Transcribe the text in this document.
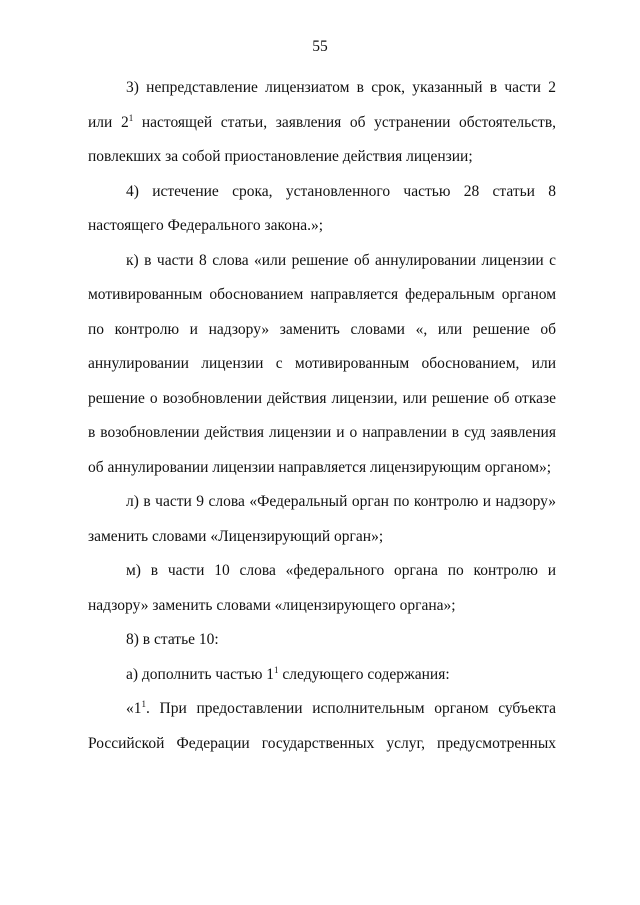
55

3) непредставление лицензиатом в срок, указанный в части 2 или $2^1$ настоящей статьи, заявления об устранении обстоятельств, повлекших за собой приостановление действия лицензии;

4) истечение срока, установленного частью 28 статьи 8 настоящего Федерального закона.»;

к) в части 8 слова «или решение об аннулировании лицензии с мотивированным обоснованием направляется федеральным органом по контролю и надзору» заменить словами «, или решение об аннулировании лицензии с мотивированным обоснованием, или решение о возобновлении действия лицензии, или решение об отказе в возобновлении действия лицензии и о направлении в суд заявления об аннулировании лицензии направляется лицензирующим органом»;

л) в части 9 слова «Федеральный орган по контролю и надзору» заменить словами «Лицензирующий орган»;

м) в части 10 слова «федерального органа по контролю и надзору» заменить словами «лицензирующего органа»;

8) в статье 10:

а) дополнить частью $1^1$ следующего содержания:

«$1^1$. При предоставлении исполнительным органом субъекта Российской Федерации государственных услуг, предусмотренных
